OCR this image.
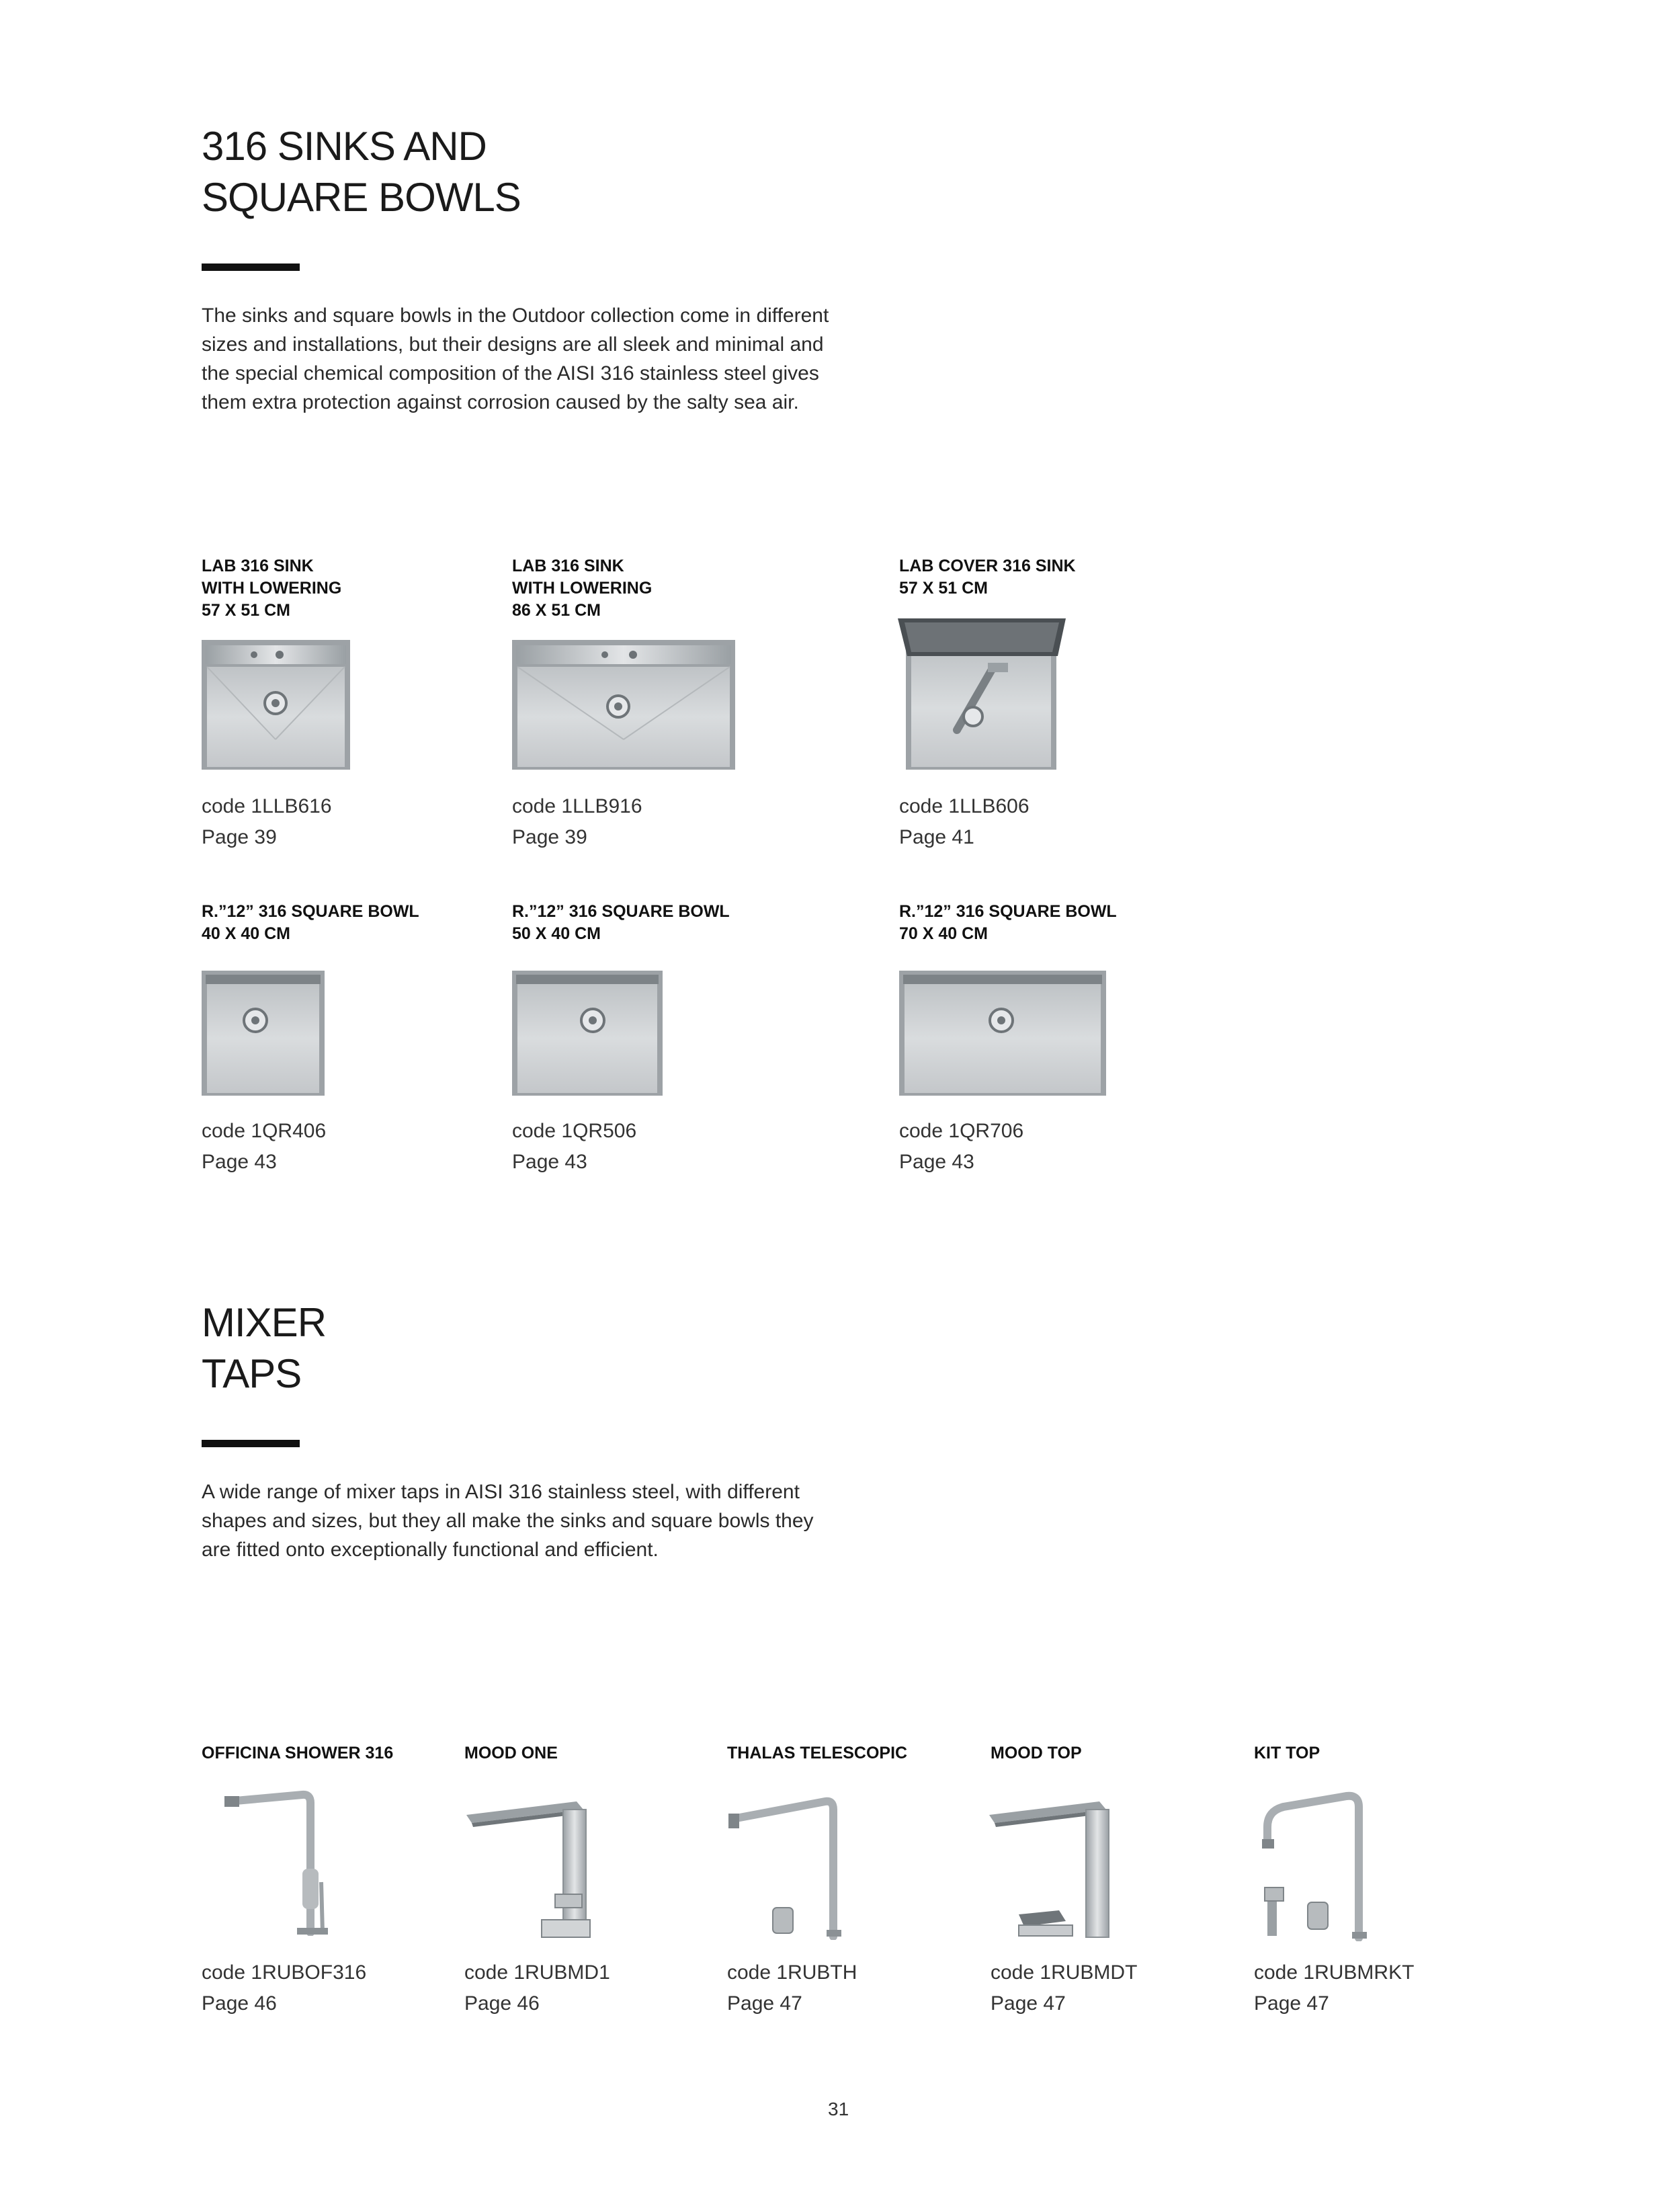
316 SINKS AND
SQUARE BOWLS
The sinks and square bowls in the Outdoor collection come in different
sizes and installations, but their designs are all sleek and minimal and
the special chemical composition of the AISI 316 stainless steel gives
them extra protection against corrosion caused by the salty sea air.
LAB 316 SINK
WITH LOWERING
57 X 51 CM
LAB 316 SINK
WITH LOWERING
86 X 51 CM
LAB COVER 316 SINK
57 X 51 CM
code 1LLB616
Page 39
code 1LLB916
Page 39
code 1LLB606
Page 41
R.”12” 316 SQUARE BOWL
40 X 40 CM
R.”12” 316 SQUARE BOWL
50 X 40 CM
R.”12” 316 SQUARE BOWL
70 X 40 CM
code 1QR406
Page 43
code 1QR506
Page 43
code 1QR706
Page 43
MIXER
TAPS
A wide range of mixer taps in AISI 316 stainless steel, with different
shapes and sizes, but they all make the sinks and square bowls they
are fitted onto exceptionally functional and efficient.
OFFICINA SHOWER 316	MOOD ONE	THALAS TELESCOPIC	MOOD TOP	KIT TOP
code 1RUBOF316
Page 46
code 1RUBMD1
Page 46
code 1RUBTH
Page 47
code 1RUBMDT
Page 47
code 1RUBMRKT
Page 47
31
